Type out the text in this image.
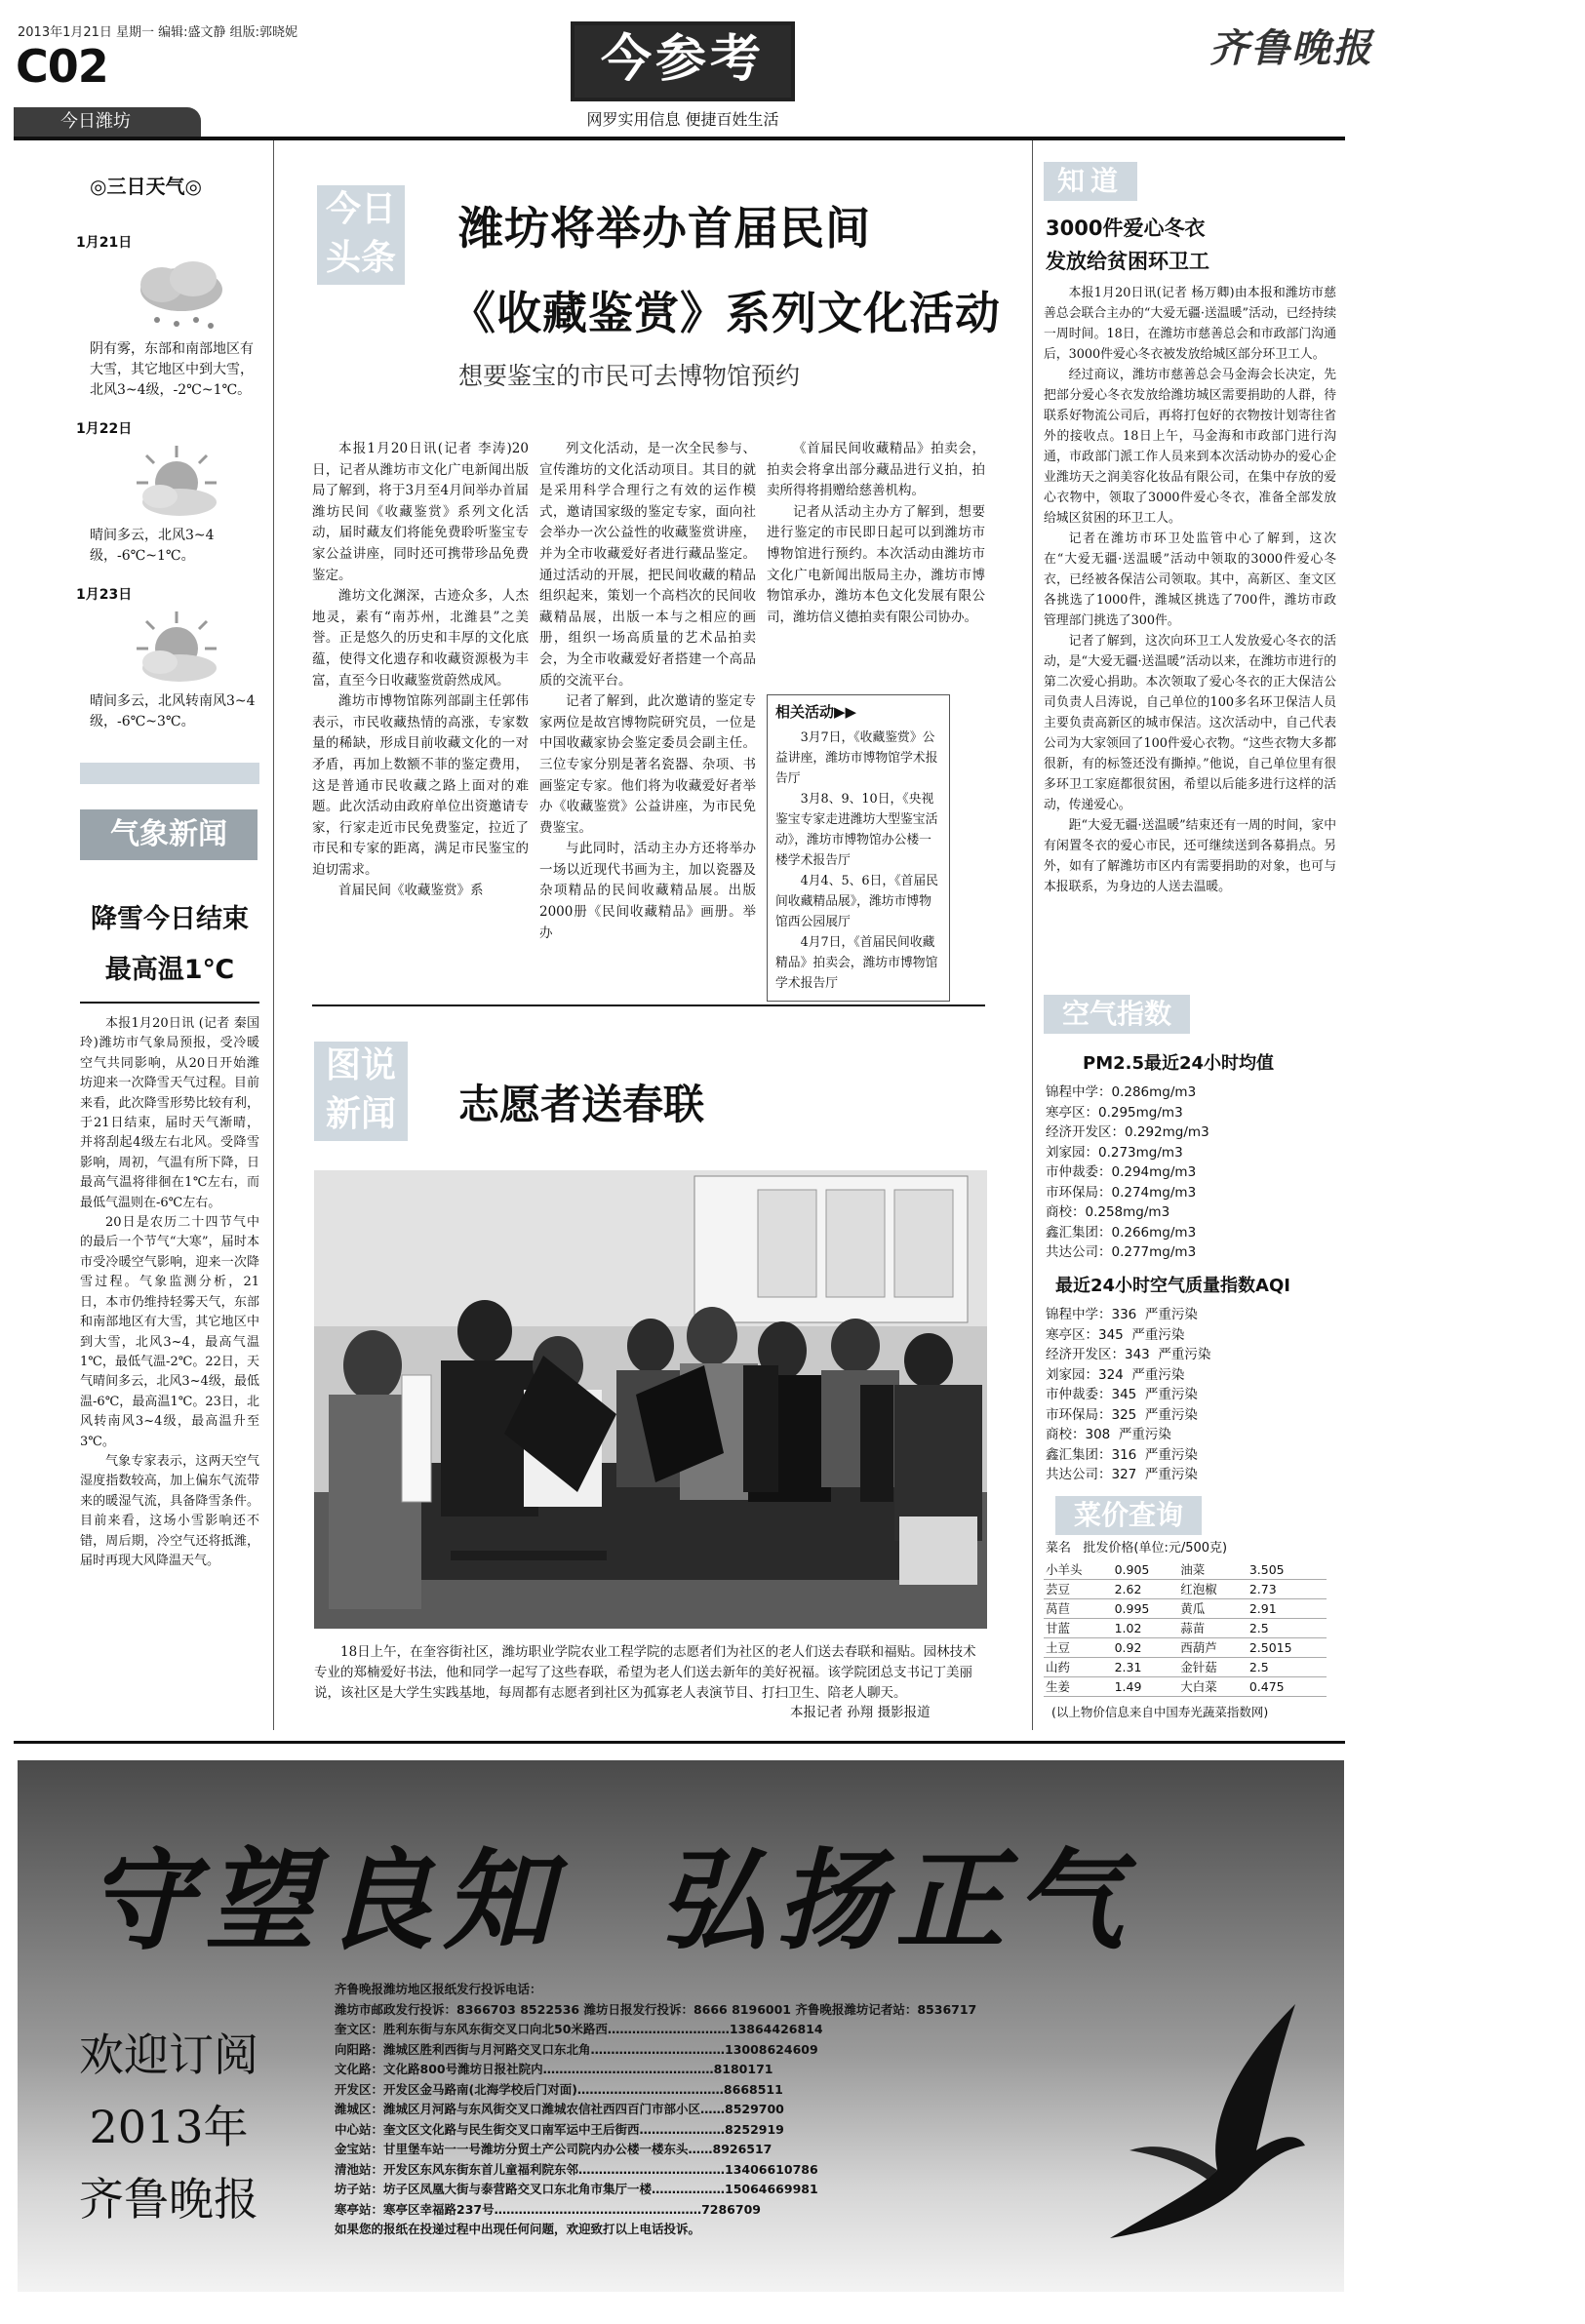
2013年1月21日 星期一 编辑:盛文静 组版:郭晓妮
C02
今日潍坊
今参考
网罗实用信息 便捷百姓生活
齐鲁晚报
◎三日天气◎
1月21日
阴有雾，东部和南部地区有大雪，其它地区中到大雪，北风3~4级，-2℃~1℃。
1月22日
晴间多云，北风3~4级，-6℃~1℃。
1月23日
晴间多云，北风转南风3~4级，-6℃~3℃。
气象新闻
降雪今日结束
最高温1℃

本报1月20日讯 (记者 秦国玲)潍坊市气象局预报，受冷暖空气共同影响，从20日开始潍坊迎来一次降雪天气过程。目前来看，此次降雪形势比较有利，于21日结束，届时天气渐晴，并将刮起4级左右北风。受降雪影响，周初，气温有所下降，日最高气温将徘徊在1℃左右，而最低气温则在-6℃左右。

20日是农历二十四节气中的最后一个节气“大寒”，届时本市受冷暖空气影响，迎来一次降雪过程。气象监测分析，21日，本市仍维持轻雾天气，东部和南部地区有大雪，其它地区中到大雪，北风3~4，最高气温1℃，最低气温-2℃。22日，天气晴间多云，北风3~4级，最低温-6℃，最高温1℃。23日，北风转南风3~4级，最高温升至3℃。

气象专家表示，这两天空气湿度指数较高，加上偏东气流带来的暖湿气流，具备降雪条件。目前来看，这场小雪影响还不错，周后期，冷空气还将抵潍，届时再现大风降温天气。

今日头条
潍坊将举办首届民间
《收藏鉴赏》系列文化活动
想要鉴宝的市民可去博物馆预约

本报1月20日讯(记者 李涛)20日，记者从潍坊市文化广电新闻出版局了解到，将于3月至4月间举办首届潍坊民间《收藏鉴赏》系列文化活动，届时藏友们将能免费聆听鉴宝专家公益讲座，同时还可携带珍品免费鉴定。

潍坊文化渊深，古迹众多，人杰地灵，素有“南苏州，北潍县”之美誉。正是悠久的历史和丰厚的文化底蕴，使得文化遗存和收藏资源极为丰富，直至今日收藏鉴赏蔚然成风。

潍坊市博物馆陈列部副主任郭伟表示，市民收藏热情的高涨，专家数量的稀缺，形成目前收藏文化的一对矛盾，再加上数额不菲的鉴定费用，这是普通市民收藏之路上面对的难题。此次活动由政府单位出资邀请专家，行家走近市民免费鉴定，拉近了市民和专家的距离，满足市民鉴宝的迫切需求。

首届民间《收藏鉴赏》系

列文化活动，是一次全民参与、宣传潍坊的文化活动项目。其目的就是采用科学合理行之有效的运作模式，邀请国家级的鉴定专家，面向社会举办一次公益性的收藏鉴赏讲座，并为全市收藏爱好者进行藏品鉴定。通过活动的开展，把民间收藏的精品组织起来，策划一个高档次的民间收藏精品展，出版一本与之相应的画册，组织一场高质量的艺术品拍卖会，为全市收藏爱好者搭建一个高品质的交流平台。

记者了解到，此次邀请的鉴定专家两位是故宫博物院研究员，一位是中国收藏家协会鉴定委员会副主任。三位专家分别是著名瓷器、杂项、书画鉴定专家。他们将为收藏爱好者举办《收藏鉴赏》公益讲座，为市民免费鉴宝。

与此同时，活动主办方还将举办一场以近现代书画为主，加以瓷器及杂项精品的民间收藏精品展。出版2000册《民间收藏精品》画册。举办

《首届民间收藏精品》拍卖会，拍卖会将拿出部分藏品进行义拍，拍卖所得将捐赠给慈善机构。

记者从活动主办方了解到，想要进行鉴定的市民即日起可以到潍坊市博物馆进行预约。本次活动由潍坊市文化广电新闻出版局主办，潍坊市博物馆承办，潍坊本色文化发展有限公司，潍坊信义德拍卖有限公司协办。

相关活动▶▶

3月7日，《收藏鉴赏》公益讲座，潍坊市博物馆学术报告厅

3月8、9、10日，《央视鉴宝专家走进潍坊大型鉴宝活动》，潍坊市博物馆办公楼一楼学术报告厅

4月4、5、6日，《首届民间收藏精品展》，潍坊市博物馆西公园展厅

4月7日，《首届民间收藏精品》拍卖会，潍坊市博物馆学术报告厅

图说新闻 志愿者送春联
18日上午，在奎容街社区，潍坊职业学院农业工程学院的志愿者们为社区的老人们送去春联和福贴。园林技术专业的郑楠爱好书法，他和同学一起写了这些春联，希望为老人们送去新年的美好祝福。该学院团总支书记丁美丽说，该社区是大学生实践基地，每周都有志愿者到社区为孤寡老人表演节目、打扫卫生、陪老人聊天。
本报记者 孙翔 摄影报道
知道
3000件爱心冬衣
发放给贫困环卫工

本报1月20日讯(记者 杨万卿)由本报和潍坊市慈善总会联合主办的“大爱无疆·送温暖”活动，已经持续一周时间。18日，在潍坊市慈善总会和市政部门沟通后，3000件爱心冬衣被发放给城区部分环卫工人。

经过商议，潍坊市慈善总会马金海会长决定，先把部分爱心冬衣发放给潍坊城区需要捐助的人群，待联系好物流公司后，再将打包好的衣物按计划寄往省外的接收点。18日上午，马金海和市政部门进行沟通，市政部门派工作人员来到本次活动协办的爱心企业潍坊天之润美容化妆品有限公司，在集中存放的爱心衣物中，领取了3000件爱心冬衣，准备全部发放给城区贫困的环卫工人。

记者在潍坊市环卫处监管中心了解到，这次在“大爱无疆·送温暖”活动中领取的3000件爱心冬衣，已经被各保洁公司领取。其中，高新区、奎文区各挑选了1000件，潍城区挑选了700件，潍坊市政管理部门挑选了300件。

记者了解到，这次向环卫工人发放爱心冬衣的活动，是“大爱无疆·送温暖”活动以来，在潍坊市进行的第二次爱心捐助。本次领取了爱心冬衣的正大保洁公司负责人吕涛说，自己单位的100多名环卫保洁人员主要负责高新区的城市保洁。这次活动中，自己代表公司为大家领回了100件爱心衣物。“这些衣物大多都很新，有的标签还没有撕掉。”他说，自己单位里有很多环卫工家庭都很贫困，希望以后能多进行这样的活动，传递爱心。

距“大爱无疆·送温暖”结束还有一周的时间，家中有闲置冬衣的爱心市民，还可继续送到各募捐点。另外，如有了解潍坊市区内有需要捐助的对象，也可与本报联系，为身边的人送去温暖。

空气指数
PM2.5最近24小时均值
锦程中学：0.286mg/m3
寒亭区：0.295mg/m3
经济开发区：0.292mg/m3
刘家园：0.273mg/m3
市仲裁委：0.294mg/m3
市环保局：0.274mg/m3
商校：0.258mg/m3
鑫汇集团：0.266mg/m3
共达公司：0.277mg/m3
最近24小时空气质量指数AQI
锦程中学：336  严重污染
寒亭区：345  严重污染
经济开发区：343  严重污染
刘家园：324  严重污染
市仲裁委：345  严重污染
市环保局：325  严重污染
商校：308  严重污染
鑫汇集团：316  严重污染
共达公司：327  严重污染
菜价查询
菜名   批发价格(单位:元/500克)
小羊头	0.905	油菜	3.505
芸豆	2.62	红泡椒	2.73
莴苣	0.995	黄瓜	2.91
甘蓝	1.02	蒜苗	2.5
土豆	0.92	西葫芦	2.5015
山药	2.31	金针菇	2.5
生姜	1.49	大白菜	0.475
(以上物价信息来自中国寿光蔬菜指数网)
守望良知  弘扬正气
欢迎订阅
2013年
齐鲁晚报
齐鲁晚报潍坊地区报纸发行投诉电话：
潍坊市邮政发行投诉：8366703 8522536 潍坊日报发行投诉：8666 8196001 齐鲁晚报潍坊记者站：8536717
奎文区：胜利东街与东风东街交叉口向北50米路西…………………………13864426814
向阳路：潍城区胜利西街与月河路交叉口东北角……………………………13008624609
文化路：文化路800号潍坊日报社院内……………………………………8180171
开发区：开发区金马路南(北海学校后门对面)………………………………8668511
潍城区：潍城区月河路与东风街交叉口潍城农信社西四百门市部小区……8529700
中心站：奎文区文化路与民生街交叉口南军运中王后街西…………………8252919
金宝站：甘里堡车站一一号潍坊分贸土产公司院内办公楼一楼东头……8926517
清池站：开发区东风东街东首儿童福利院东邻………………………………13406610786
坊子站：坊子区凤凰大街与泰营路交叉口东北角市集厅一楼………………15064669981
寒亭站：寒亭区幸福路237号……………………………………………7286709
如果您的报纸在投递过程中出现任何问题，欢迎致打以上电话投诉。
